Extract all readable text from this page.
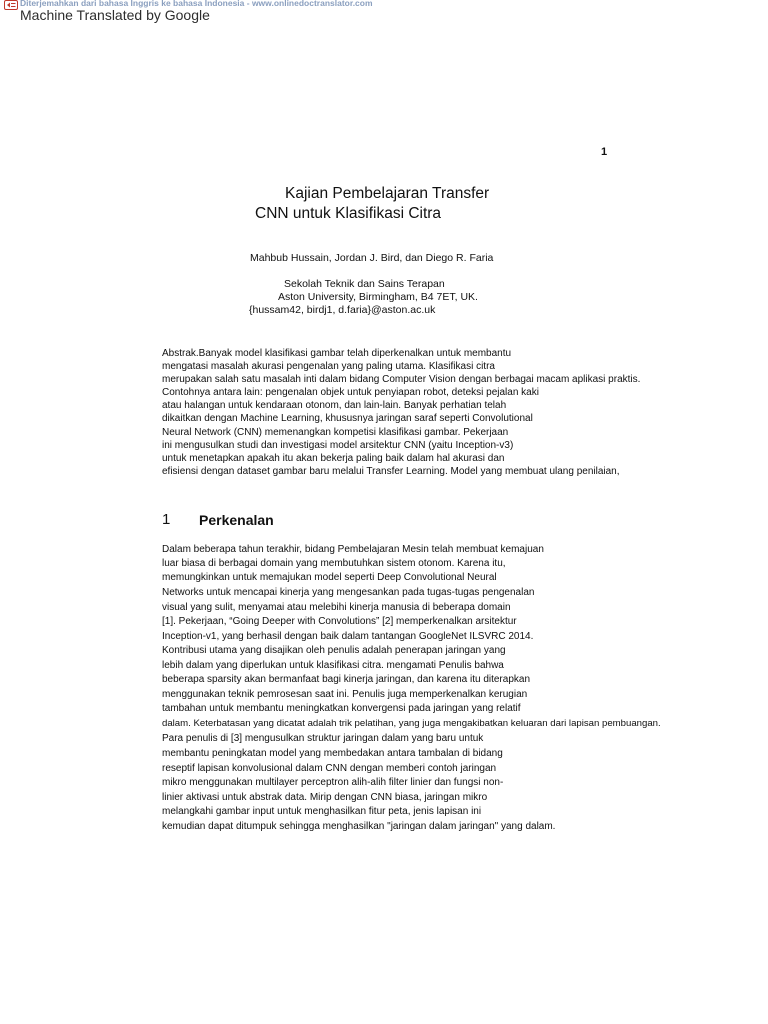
Diterjemahkan dari bahasa Inggris ke bahasa Indonesia - www.onlinedoctranslator.com
Machine Translated by Google
1
Kajian Pembelajaran Transfer
CNN untuk Klasifikasi Citra
Mahbub Hussain, Jordan J. Bird, dan Diego R. Faria
Sekolah Teknik dan Sains Terapan
Aston University, Birmingham, B4 7ET, UK.
{hussam42, birdj1, d.faria}@aston.ac.uk
Abstrak.Banyak model klasifikasi gambar telah diperkenalkan untuk membantu
mengatasi masalah akurasi pengenalan yang paling utama. Klasifikasi citra
merupakan salah satu masalah inti dalam bidang Computer Vision dengan berbagai macam aplikasi praktis.
Contohnya antara lain: pengenalan objek untuk penyiapan robot, deteksi pejalan kaki
atau halangan untuk kendaraan otonom, dan lain-lain. Banyak perhatian telah
dikaitkan dengan Machine Learning, khususnya jaringan saraf seperti Convolutional
Neural Network (CNN) memenangkan kompetisi klasifikasi gambar. Pekerjaan
ini mengusulkan studi dan investigasi model arsitektur CNN (yaitu Inception-v3)
untuk menetapkan apakah itu akan bekerja paling baik dalam hal akurasi dan
efisiensi dengan dataset gambar baru melalui Transfer Learning. Model yang membuat ulang penilaian,
1 Perkenalan
Dalam beberapa tahun terakhir, bidang Pembelajaran Mesin telah membuat kemajuan
luar biasa di berbagai domain yang membutuhkan sistem otonom. Karena itu,
memungkinkan untuk memajukan model seperti Deep Convolutional Neural
Networks untuk mencapai kinerja yang mengesankan pada tugas-tugas pengenalan
visual yang sulit, menyamai atau melebihi kinerja manusia di beberapa domain
[1]. Pekerjaan, “Going Deeper with Convolutions” [2] memperkenalkan arsitektur
Inception-v1, yang berhasil dengan baik dalam tantangan GoogleNet ILSVRC 2014.
Kontribusi utama yang disajikan oleh penulis adalah penerapan jaringan yang
lebih dalam yang diperlukan untuk klasifikasi citra. mengamati Penulis bahwa
beberapa sparsity akan bermanfaat bagi kinerja jaringan, dan karena itu diterapkan
menggunakan teknik pemrosesan saat ini. Penulis juga memperkenalkan kerugian
tambahan untuk membantu meningkatkan konvergensi pada jaringan yang relatif
dalam. Keterbatasan yang dicatat adalah trik pelatihan, yang juga mengakibatkan keluaran dari lapisan pembuangan.
Para penulis di [3] mengusulkan struktur jaringan dalam yang baru untuk
membantu peningkatan model yang membedakan antara tambalan di bidang
reseptif lapisan konvolusional dalam CNN dengan memberi contoh jaringan
mikro menggunakan multilayer perceptron alih-alih filter linier dan fungsi non-
linier aktivasi untuk abstrak data. Mirip dengan CNN biasa, jaringan mikro
melangkahi gambar input untuk menghasilkan fitur peta, jenis lapisan ini
kemudian dapat ditumpuk sehingga menghasilkan "jaringan dalam jaringan" yang dalam.
